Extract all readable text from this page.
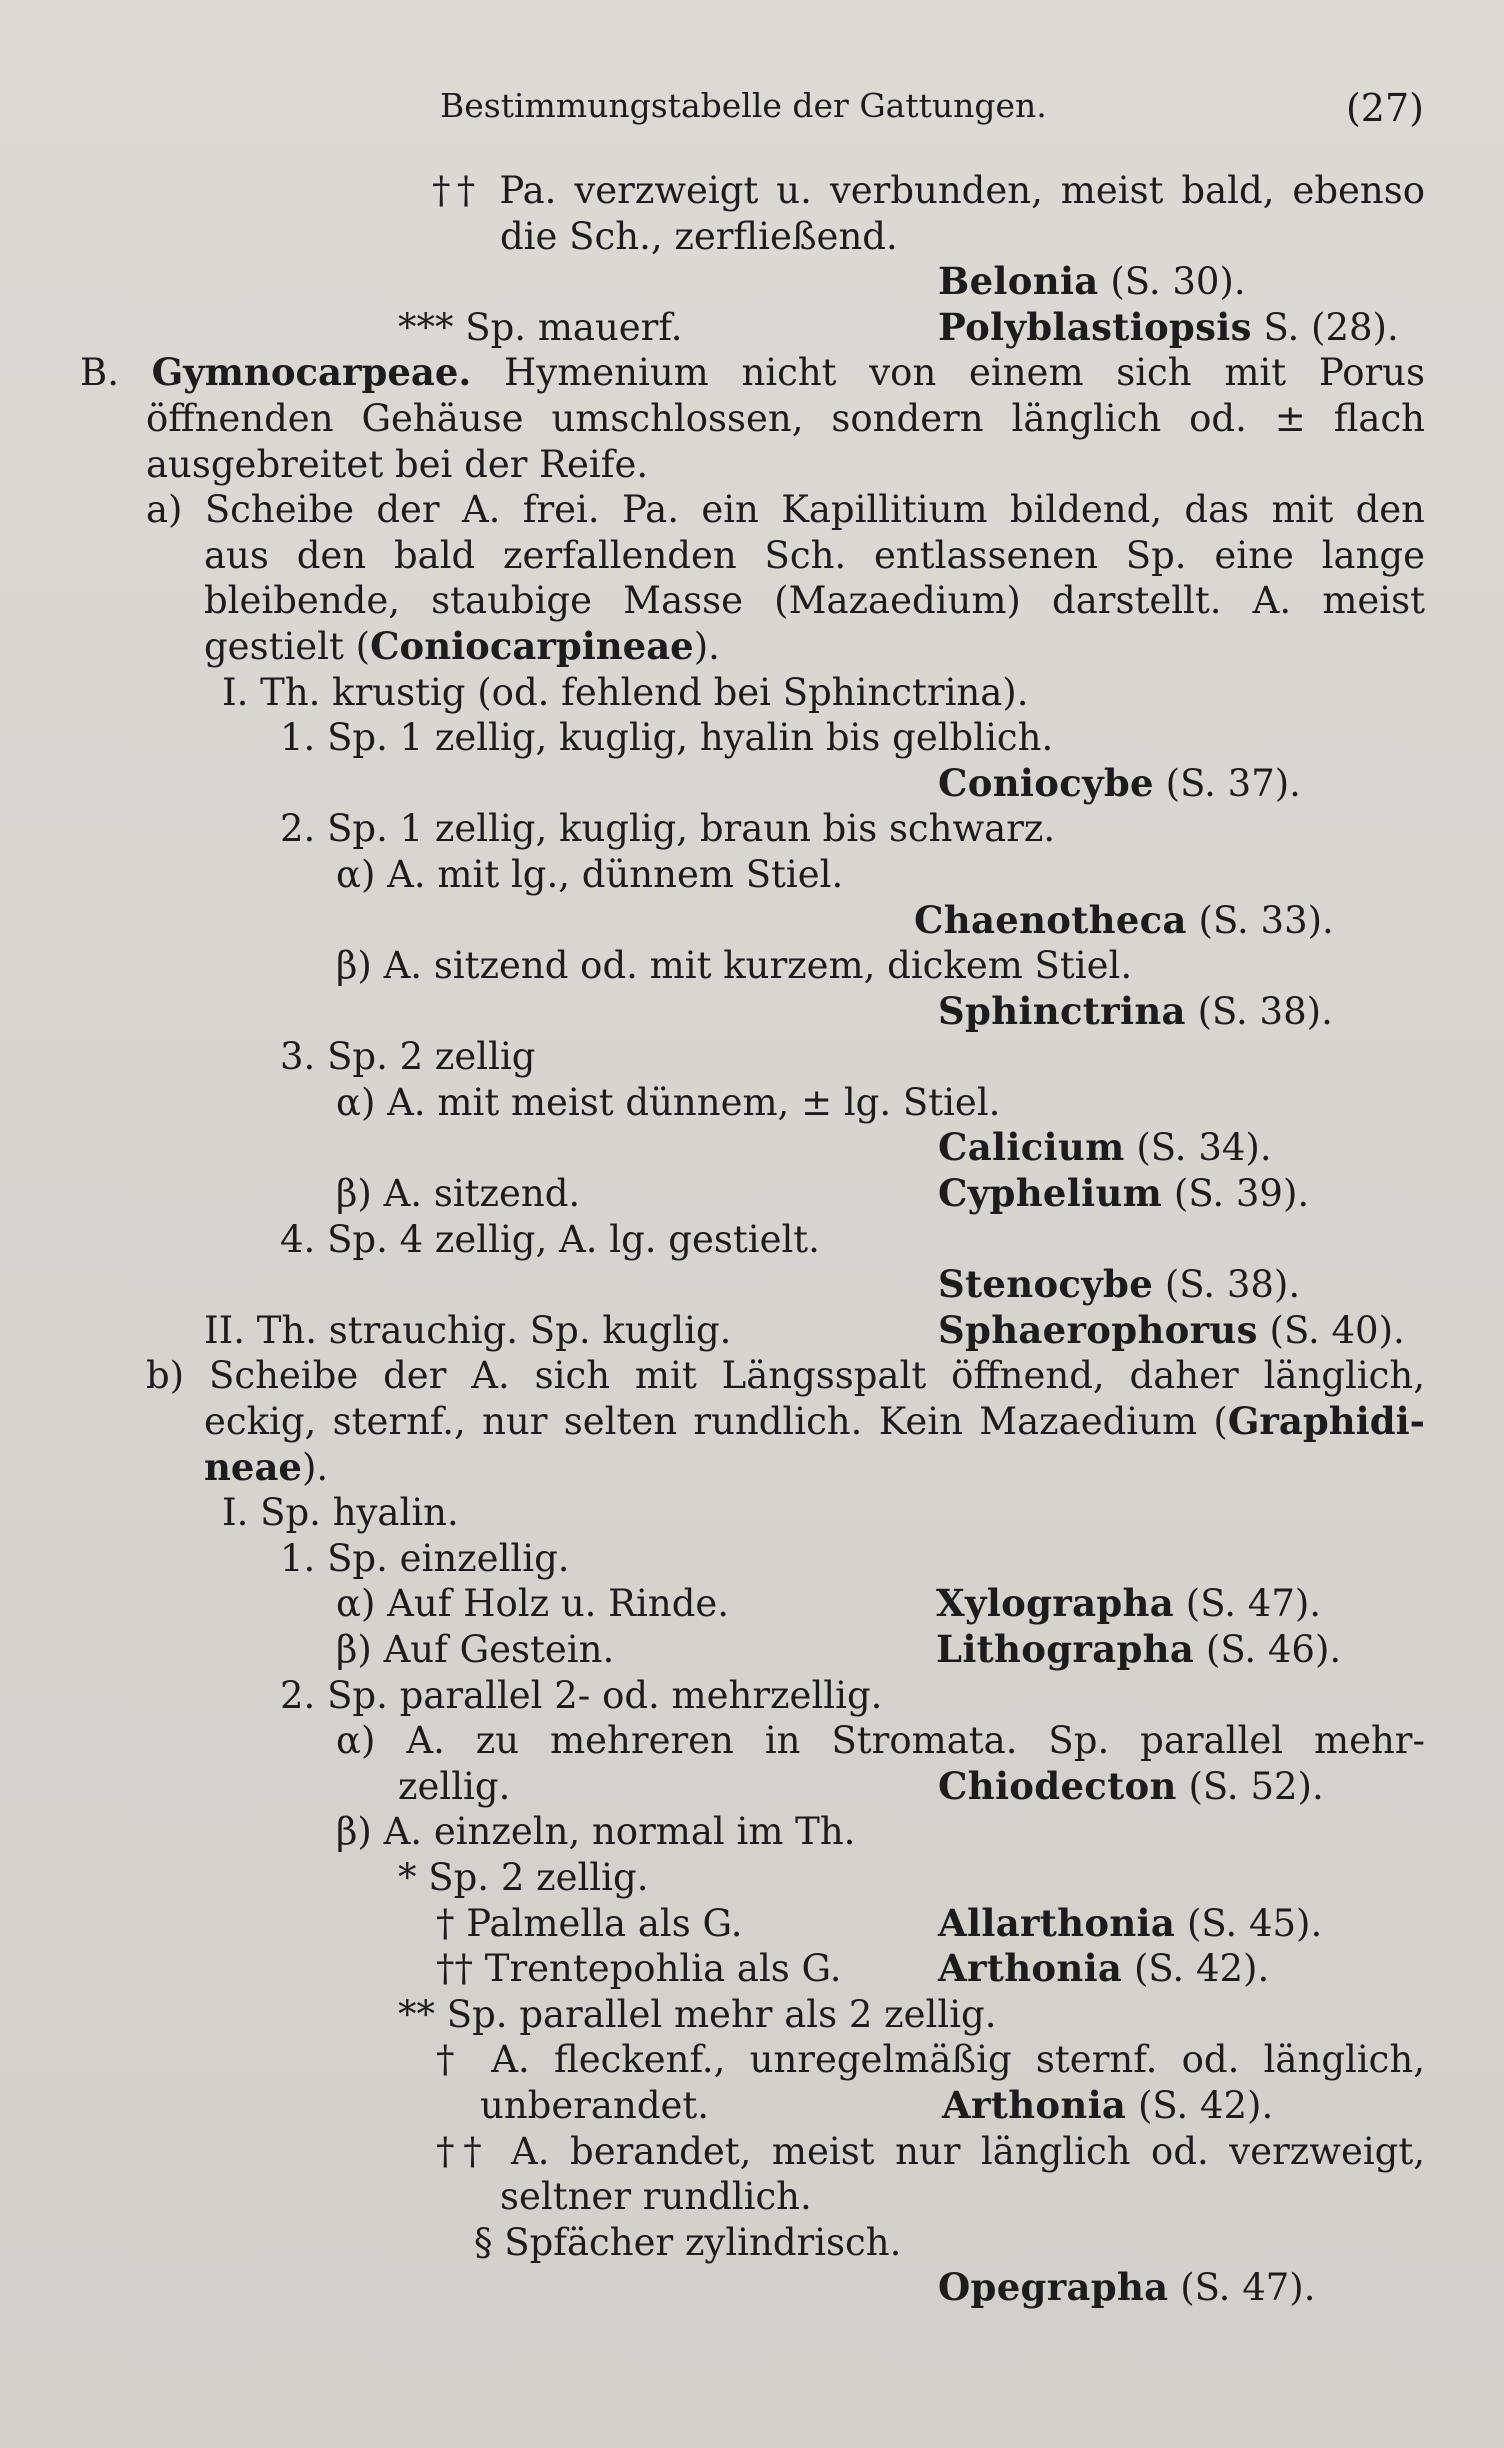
Bestimmungstabelle der Gattungen.	(27)
†† Pa. verzweigt u. verbunden, meist bald, ebenso
die Sch., zerfließend.
Belonia (S. 30).
*** Sp. mauerf.	Polyblastiopsis S. (28).
B. Gymnocarpeae. Hymenium nicht von einem sich mit Porus
öffnenden Gehäuse umschlossen, sondern länglich od. ± flach
ausgebreitet bei der Reife.
a) Scheibe der A. frei. Pa. ein Kapillitium bildend, das mit den
aus den bald zerfallenden Sch. entlassenen Sp. eine lange
bleibende, staubige Masse (Mazaedium) darstellt. A. meist
gestielt (Coniocarpineae).
I. Th. krustig (od. fehlend bei Sphinctrina).
1. Sp. 1 zellig, kuglig, hyalin bis gelblich.
Coniocybe (S. 37).
2. Sp. 1 zellig, kuglig, braun bis schwarz.
α) A. mit lg., dünnem Stiel.
Chaenotheca (S. 33).
β) A. sitzend od. mit kurzem, dickem Stiel.
Sphinctrina (S. 38).
3. Sp. 2 zellig
α) A. mit meist dünnem, ± lg. Stiel.
Calicium (S. 34).
β) A. sitzend.	Cyphelium (S. 39).
4. Sp. 4 zellig, A. lg. gestielt.
Stenocybe (S. 38).
II. Th. strauchig. Sp. kuglig.	Sphaerophorus (S. 40).
b) Scheibe der A. sich mit Längsspalt öffnend, daher länglich,
eckig, sternf., nur selten rundlich. Kein Mazaedium (Graphidi-
neae).
I. Sp. hyalin.
1. Sp. einzellig.
α) Auf Holz u. Rinde.	Xylographa (S. 47).
β) Auf Gestein.	Lithographa (S. 46).
2. Sp. parallel 2- od. mehrzellig.
α) A. zu mehreren in Stromata. Sp. parallel mehr-
zellig.	Chiodecton (S. 52).
β) A. einzeln, normal im Th.
* Sp. 2 zellig.
† Palmella als G.	Allarthonia (S. 45).
†† Trentepohlia als G.	Arthonia (S. 42).
** Sp. parallel mehr als 2 zellig.
† A. fleckenf., unregelmäßig sternf. od. länglich,
unberandet.	Arthonia (S. 42).
†† A. berandet, meist nur länglich od. verzweigt,
seltner rundlich.
§ Spfächer zylindrisch.
Opegrapha (S. 47).
